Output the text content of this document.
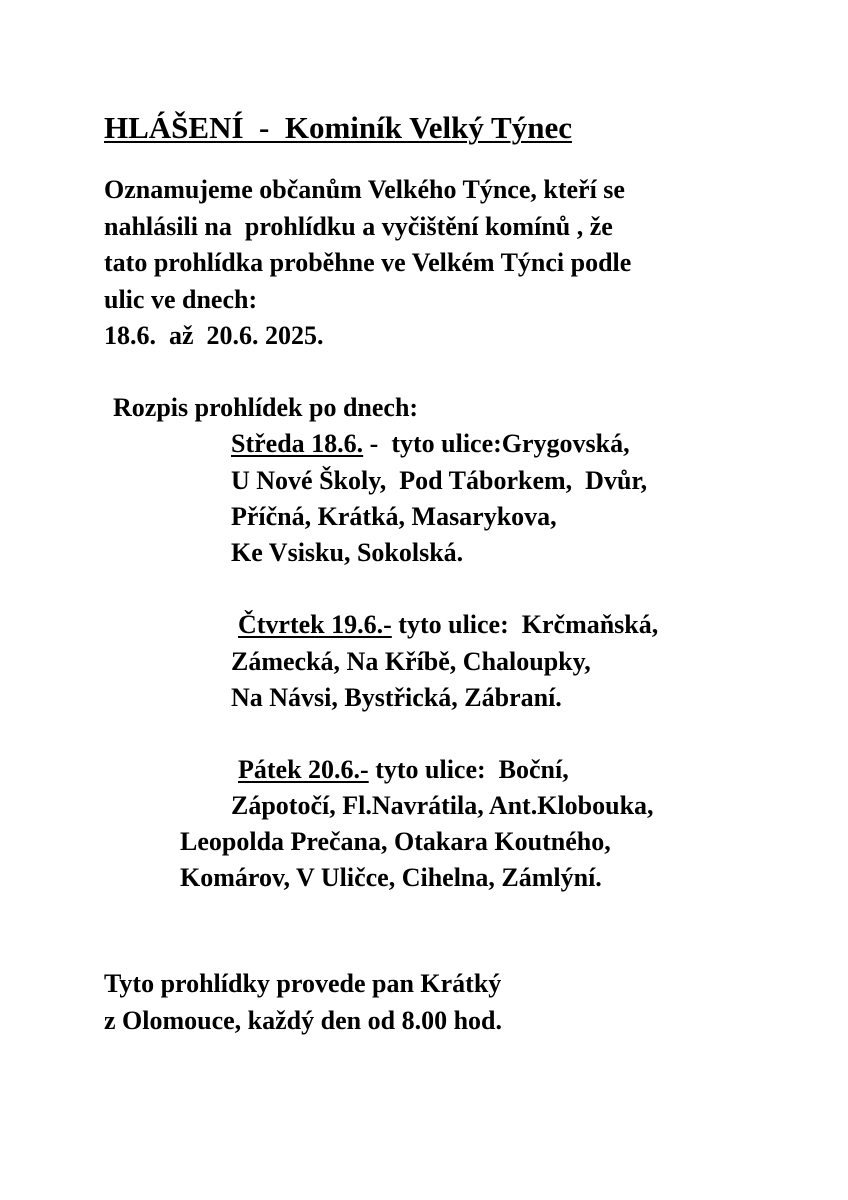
HLÁŠENÍ  -  Kominík Velký Týnec
Oznamujeme občanům Velkého Týnce, kteří se
nahlásili na  prohlídku a vyčištění komínů , že
tato prohlídka proběhne ve Velkém Týnci podle
ulic ve dnech:
18.6.  až  20.6. 2025.
Rozpis prohlídek po dnech:
Středa 18.6. -  tyto ulice:Grygovská,
U Nové Školy,  Pod Táborkem,  Dvůr,
Příčná, Krátká, Masarykova,
Ke Vsisku, Sokolská.
Čtvrtek 19.6.- tyto ulice:  Krčmaňská,
Zámecká, Na Kříbě, Chaloupky,
Na Návsi, Bystřická, Zábraní.
Pátek 20.6.- tyto ulice:  Boční,
Zápotočí, Fl.Navrátila, Ant.Klobouka,
Leopolda Prečana, Otakara Koutného,
Komárov, V Uličce, Cihelna, Zámlýní.
Tyto prohlídky provede pan Krátký
z Olomouce, každý den od 8.00 hod.
